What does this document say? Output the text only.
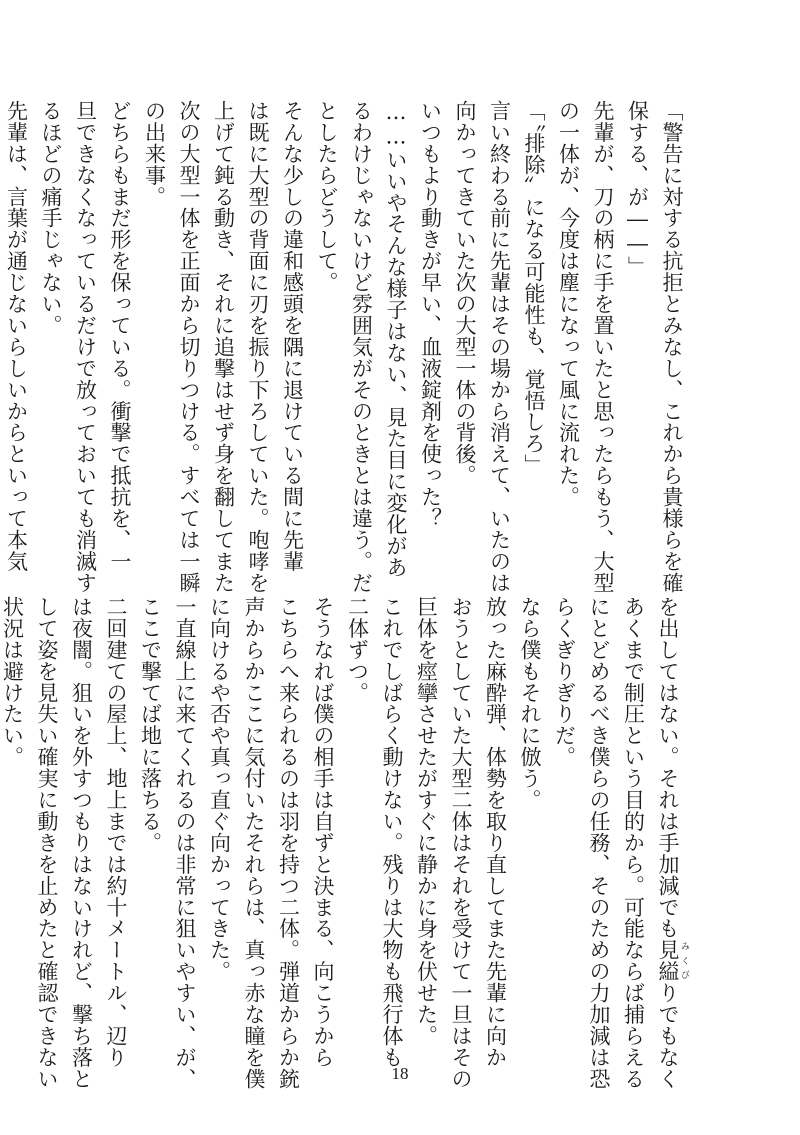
「警告に対する抗拒とみなし、これから貴様らを確
保する、が――」
先輩が、刀の柄に手を置いたと思ったらもう、大型
の一体が、今度は塵になって風に流れた。
「〝排除〟になる可能性も、覚悟しろ」
言い終わる前に先輩はその場から消えて、いたのは
向かってきていた次の大型一体の背後。
いつもより動きが早い、血液錠剤を使った？
……いいやそんな様子はない、見た目に変化があ
るわけじゃないけど雰囲気がそのときとは違う。だ
としたらどうして。
そんな少しの違和感頭を隅に退けている間に先輩
は既に大型の背面に刃を振り下ろしていた。咆哮を
上げて鈍る動き、それに追撃はせず身を翻してまた
次の大型一体を正面から切りつける。すべては一瞬
の出来事。
どちらもまだ形を保っている。衝撃で抵抗を、一
旦できなくなっているだけで放っておいても消滅す
るほどの痛手じゃない。
先輩は、言葉が通じないらしいからといって本気
を出してはない。それは手加減でも見縊 みくびりでもなく
あくまで制圧という目的から。可能ならば捕らえる
にとどめるべき僕らの任務、そのための力加減は恐
らくぎりぎりだ。
なら僕もそれに倣う。
放った麻酔弾、体勢を取り直してまた先輩に向か
おうとしていた大型二体はそれを受けて一旦はその
巨体を痙攣させたがすぐに静かに身を伏せた。
これでしばらく動けない。残りは大物も飛行体も
二体ずつ。
そうなれば僕の相手は自ずと決まる、向こうから
こちらへ来られるのは羽を持つ二体。弾道からか銃
声からかここに気付いたそれらは、真っ赤な瞳を僕
に向けるや否や真っ直ぐ向かってきた。
一直線上に来てくれるのは非常に狙いやすい、が、
ここで撃てば地に落ちる。
二回建ての屋上、地上までは約十メートル、辺り
は夜闇。狙いを外すつもりはないけれど、撃ち落と
して姿を見失い確実に動きを止めたと確認できない
状況は避けたい。
18
